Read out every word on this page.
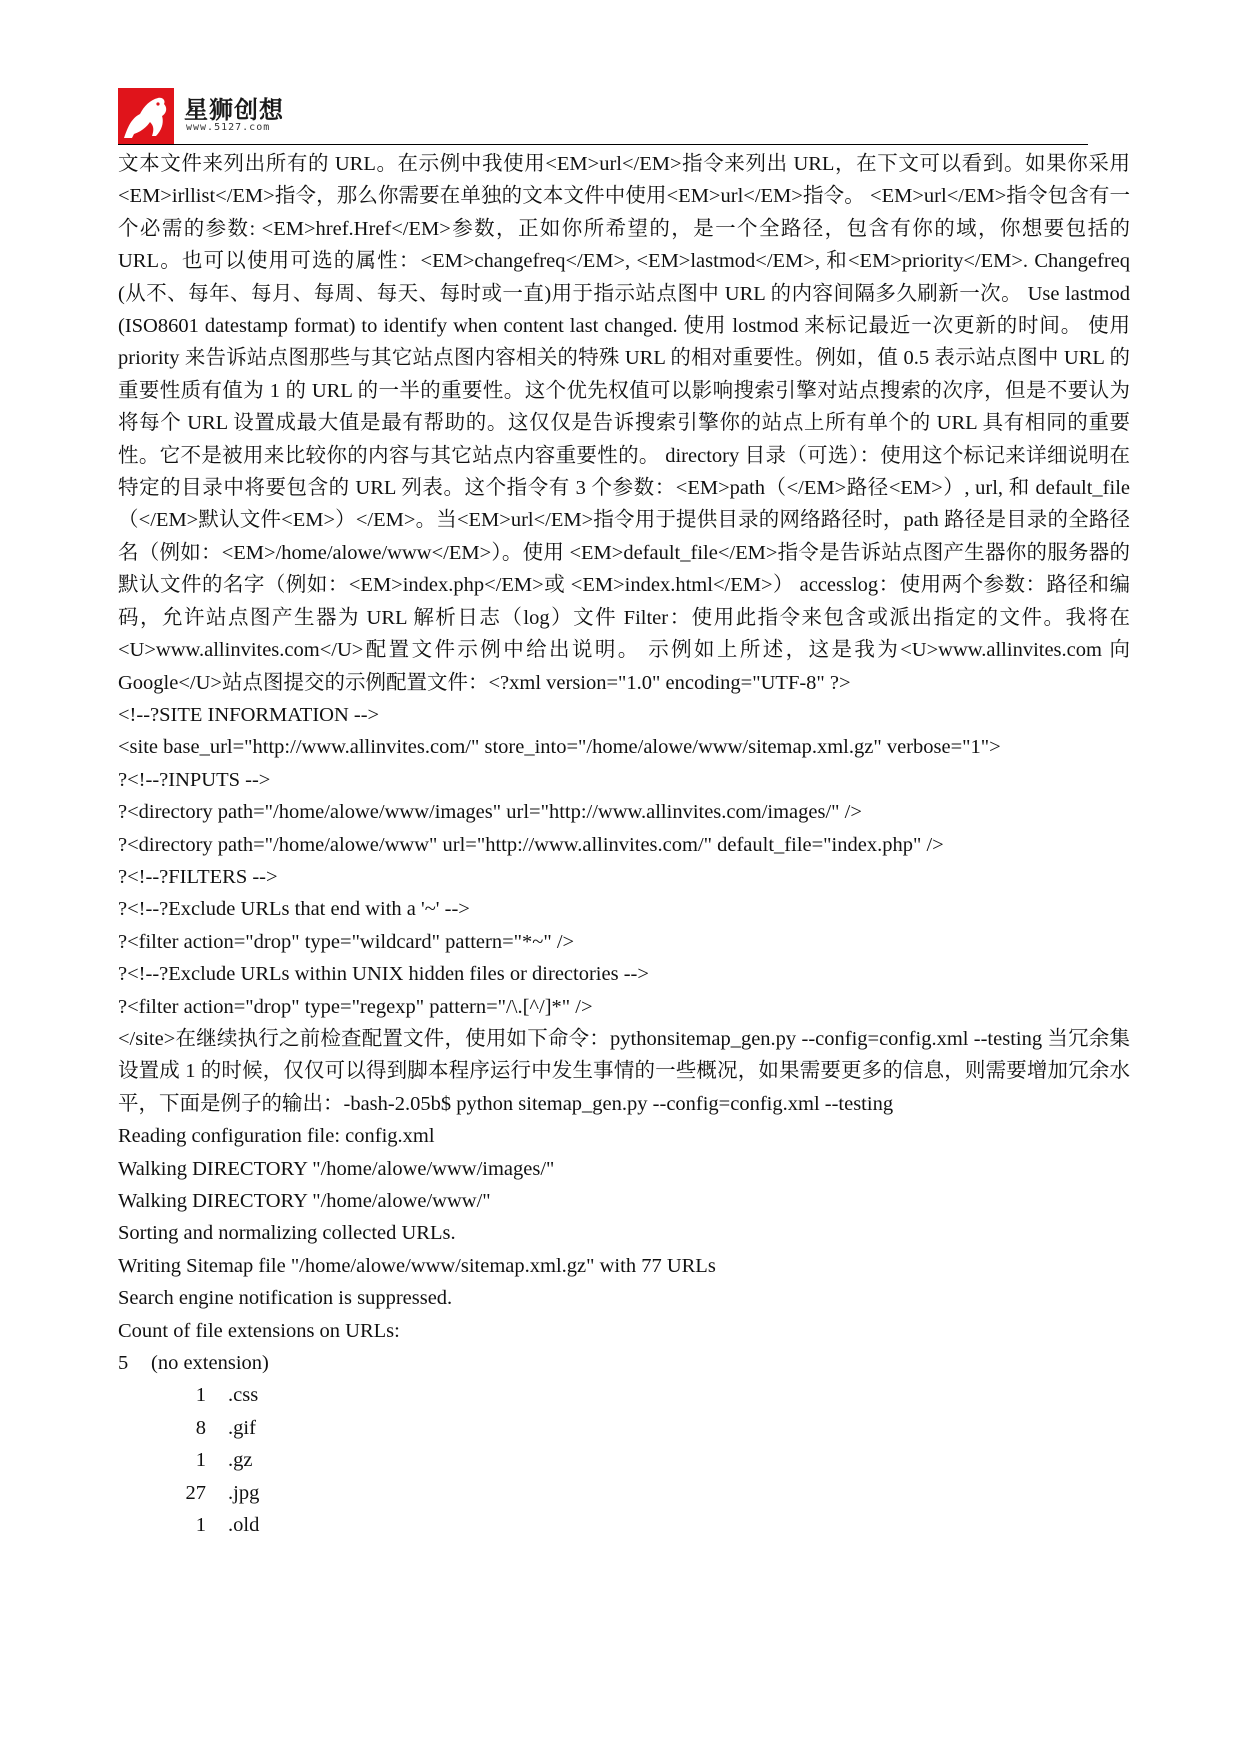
星狮创想
www.5127.com
文本文件来列出所有的 URL。在示例中我使用<EM>url</EM>指令来列出 URL，在下文可以看到。如果你采用<EM>irllist</EM>指令，那么你需要在单独的文本文件中使用<EM>url</EM>指令。 <EM>url</EM>指令包含有一个必需的参数: <EM>href.Href</EM>参数，正如你所希望的，是一个全路径，包含有你的域，你想要包括的 URL。也可以使用可选的属性：<EM>changefreq</EM>, <EM>lastmod</EM>, 和<EM>priority</EM>. Changefreq (从不、每年、每月、每周、每天、每时或一直)用于指示站点图中 URL 的内容间隔多久刷新一次。 Use lastmod (ISO8601 datestamp format) to identify when content last changed. 使用 lostmod 来标记最近一次更新的时间。 使用 priority 来告诉站点图那些与其它站点图内容相关的特殊 URL 的相对重要性。例如，值 0.5 表示站点图中 URL 的重要性质有值为 1 的 URL 的一半的重要性。这个优先权值可以影响搜索引擎对站点搜索的次序，但是不要认为将每个 URL 设置成最大值是最有帮助的。这仅仅是告诉搜索引擎你的站点上所有单个的 URL 具有相同的重要性。它不是被用来比较你的内容与其它站点内容重要性的。 directory 目录（可选）：使用这个标记来详细说明在特定的目录中将要包含的 URL 列表。这个指令有 3 个参数：<EM>path（</EM>路径<EM>）, url, 和 default_file（</EM>默认文件<EM>）</EM>。当<EM>url</EM>指令用于提供目录的网络路径时，path 路径是目录的全路径名（例如：<EM>/home/alowe/www</EM>）。使用 <EM>default_file</EM>指令是告诉站点图产生器你的服务器的默认文件的名字（例如：<EM>index.php</EM>或 <EM>index.html</EM>） accesslog：使用两个参数：路径和编码，允许站点图产生器为 URL 解析日志（log）文件 Filter：使用此指令来包含或派出指定的文件。我将在<U>www.allinvites.com</U>配置文件示例中给出说明。 示例如上所述，这是我为<U>www.allinvites.com 向 Google</U>站点图提交的示例配置文件：<?xml version="1.0" encoding="UTF-8" ?>
<!--?SITE INFORMATION -->
<site base_url="http://www.allinvites.com/" store_into="/home/alowe/www/sitemap.xml.gz" verbose="1">
?<!--?INPUTS -->
?<directory path="/home/alowe/www/images" url="http://www.allinvites.com/images/" />
?<directory path="/home/alowe/www" url="http://www.allinvites.com/" default_file="index.php" />
?<!--?FILTERS -->
?<!--?Exclude URLs that end with a '~' -->
?<filter action="drop" type="wildcard" pattern="*~" />
?<!--?Exclude URLs within UNIX hidden files or directories -->
?<filter action="drop" type="regexp" pattern="/\.[^/]*" />
</site>在继续执行之前检查配置文件，使用如下命令：pythonsitemap_gen.py --config=config.xml --testing 当冗余集设置成 1 的时候，仅仅可以得到脚本程序运行中发生事情的一些概况，如果需要更多的信息，则需要增加冗余水平，下面是例子的输出：-bash-2.05b$ python sitemap_gen.py --config=config.xml --testing
Reading configuration file: config.xml
Walking DIRECTORY "/home/alowe/www/images/"
Walking DIRECTORY "/home/alowe/www/"
Sorting and normalizing collected URLs.
Writing Sitemap file "/home/alowe/www/sitemap.xml.gz" with 77 URLs
Search engine notification is suppressed.
Count of file extensions on URLs:
5 (no extension)
1 .css
8 .gif
1 .gz
27 .jpg
1 .old
